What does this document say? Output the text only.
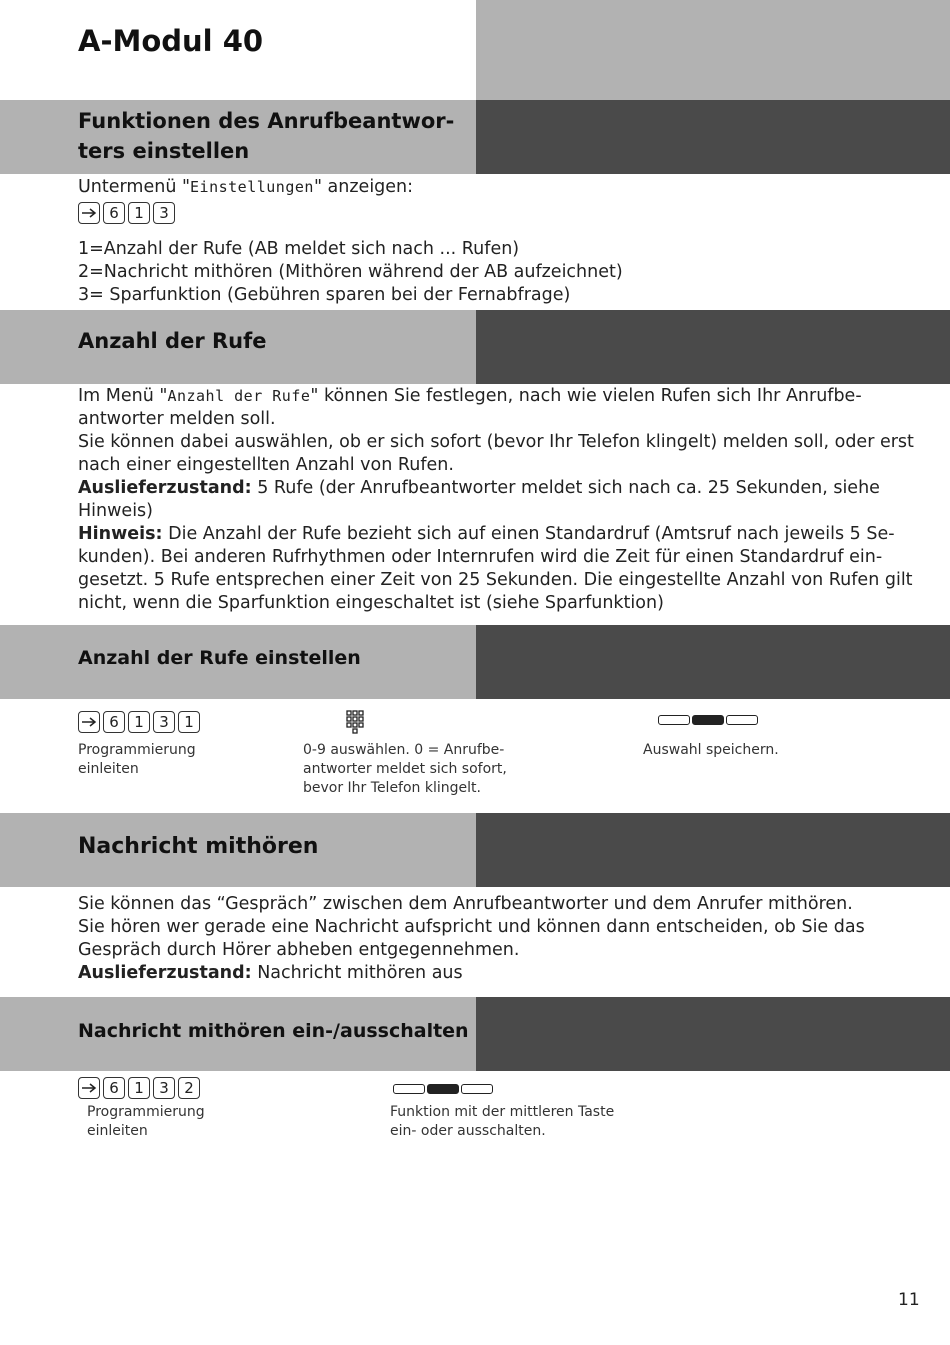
A-Modul 40
Funktionen des Anrufbeantwor-
ters einstellen

Untermenü "Einstellungen" anzeigen:

6	1	3

1=Anzahl der Rufe (AB meldet sich nach ... Rufen)

2=Nachricht mithören (Mithören während der AB aufzeichnet)

3= Sparfunktion (Gebühren sparen bei der Fernabfrage)

Anzahl der Rufe

Im Menü "Anzahl der Rufe" können Sie festlegen, nach wie vielen Rufen sich Ihr Anrufbe- antworter melden soll.

Sie können dabei auswählen, ob er sich sofort (bevor Ihr Telefon klingelt) melden soll, oder erst nach einer eingestellten Anzahl von Rufen.

Auslieferzustand: 5 Rufe (der Anrufbeantworter meldet sich nach ca. 25 Sekunden, siehe Hinweis)

Hinweis: Die Anzahl der Rufe bezieht sich auf einen Standardruf (Amtsruf nach jeweils 5 Se- kunden). Bei anderen Rufrhythmen oder Internrufen wird die Zeit für einen Standardruf ein- gesetzt. 5 Rufe entsprechen einer Zeit von 25 Sekunden. Die eingestellte Anzahl von Rufen gilt nicht, wenn die Sparfunktion eingeschaltet ist (siehe Sparfunktion)

Anzahl der Rufe einstellen
6	1	3	1

Programmierung

einleiten

0-9 auswählen. 0 = Anrufbe-

antworter meldet sich sofort,

bevor Ihr Telefon klingelt.

Auswahl speichern.
Nachricht mithören

Sie können das “Gespräch” zwischen dem Anrufbeantworter und dem Anrufer mithören.

Sie hören wer gerade eine Nachricht aufspricht und können dann entscheiden, ob Sie das Gespräch durch Hörer abheben entgegennehmen.

Auslieferzustand: Nachricht mithören aus

Nachricht mithören ein-/ausschalten
6	1	3	2

Programmierung

einleiten

Funktion mit der mittleren Taste

ein- oder ausschalten.

11
